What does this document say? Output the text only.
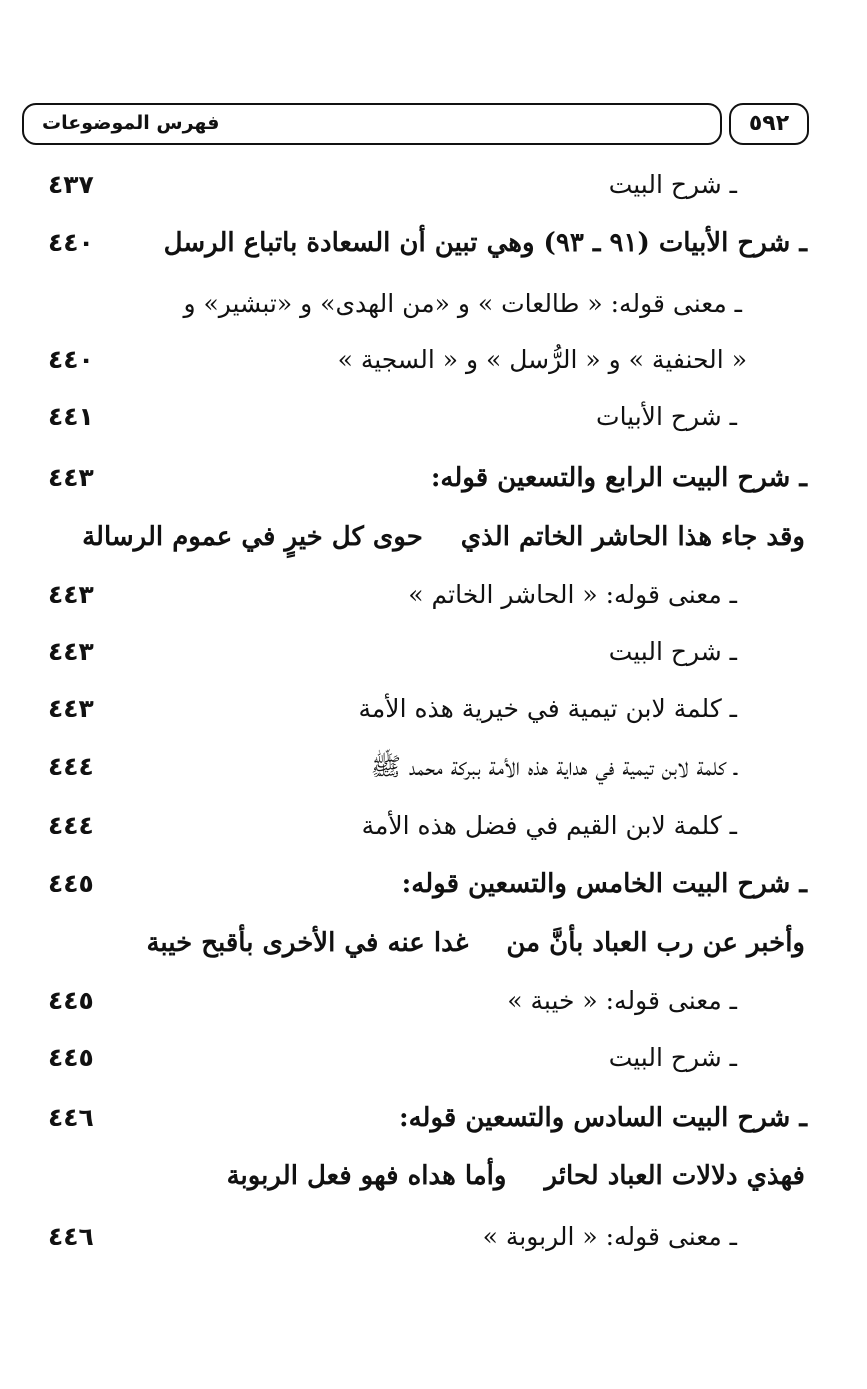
فهرس الموضوعات	٥٩٢
ـ شرح البيت
٤٣٧
ـ شرح الأبيات (٩١ ـ ٩٣) وهي تبين أن السعادة باتباع الرسل
٤٤٠
ـ معنى قوله: « طالعات » و «من الهدى» و «تبشير» و
« الحنفية » و « الرُّسل » و « السجية »
٤٤٠
ـ شرح الأبيات
٤٤١
ـ شرح البيت الرابع والتسعين قوله:
٤٤٣
وقد جاء هذا الحاشر الخاتم الذيحوى كل خيرٍ في عموم الرسالة
ـ معنى قوله: « الحاشر الخاتم »
٤٤٣
ـ شرح البيت
٤٤٣
ـ كلمة لابن تيمية في خيرية هذه الأمة
٤٤٣
ـ كلمة لابن تيمية في هداية هذه الأمة ببركة محمد ﷺ
٤٤٤
ـ كلمة لابن القيم في فضل هذه الأمة
٤٤٤
ـ شرح البيت الخامس والتسعين قوله:
٤٤٥
وأخبر عن رب العباد بأنَّ منغدا عنه في الأخرى بأقبح خيبة
ـ معنى قوله: « خيبة »
٤٤٥
ـ شرح البيت
٤٤٥
ـ شرح البيت السادس والتسعين قوله:
٤٤٦
فهذي دلالات العباد لحائروأما هداه فهو فعل الربوبة
ـ معنى قوله: « الربوبة »
٤٤٦
